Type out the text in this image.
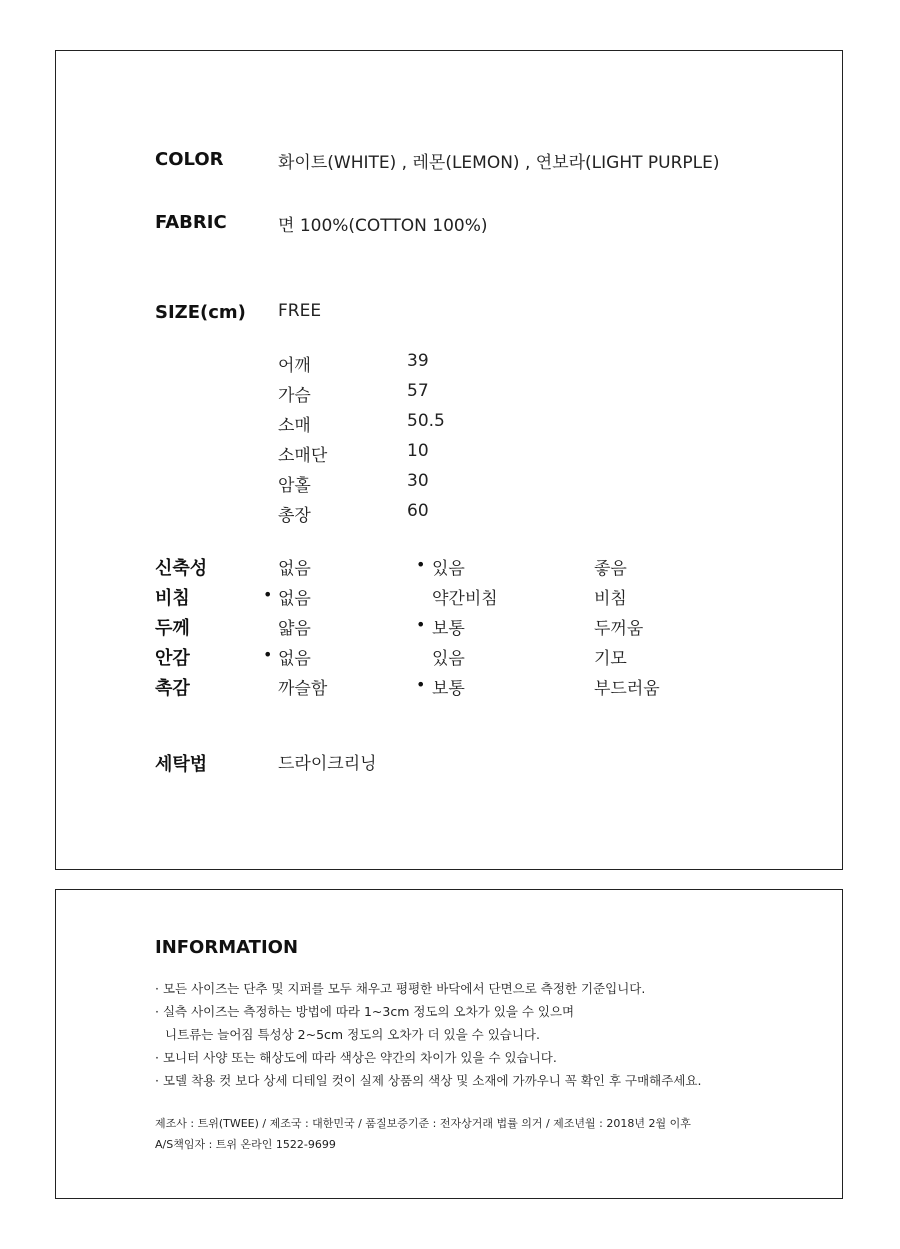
COLOR	화이트(WHITE) , 레몬(LEMON) , 연보라(LIGHT PURPLE)
FABRIC	면 100%(COTTON 100%)
SIZE(cm) FREE
어깨	39
가슴	57
소매	50.5
소매단	10
암홀	30
총장	60
신축성	없음	• 있음	좋음
비침	• 없음	약간비침	비침
두께	얇음	• 보통	두꺼움
안감	• 없음	있음	기모
촉감	까슬함	• 보통	부드러움
세탁법	드라이크리닝
INFORMATION
· 모든 사이즈는 단추 및 지퍼를 모두 채우고 평평한 바닥에서 단면으로 측정한 기준입니다.
· 실측 사이즈는 측정하는 방법에 따라 1~3cm 정도의 오차가 있을 수 있으며
니트류는 늘어짐 특성상 2~5cm 정도의 오차가 더 있을 수 있습니다.
· 모니터 사양 또는 해상도에 따라 색상은 약간의 차이가 있을 수 있습니다.
· 모델 착용 컷 보다 상세 디테일 컷이 실제 상품의 색상 및 소재에 가까우니 꼭 확인 후 구매해주세요.
제조사 : 트위(TWEE) / 제조국 : 대한민국 / 품질보증기준 : 전자상거래 법률 의거 / 제조년월 : 2018년 2월 이후
A/S책임자 : 트위 온라인 1522-9699
